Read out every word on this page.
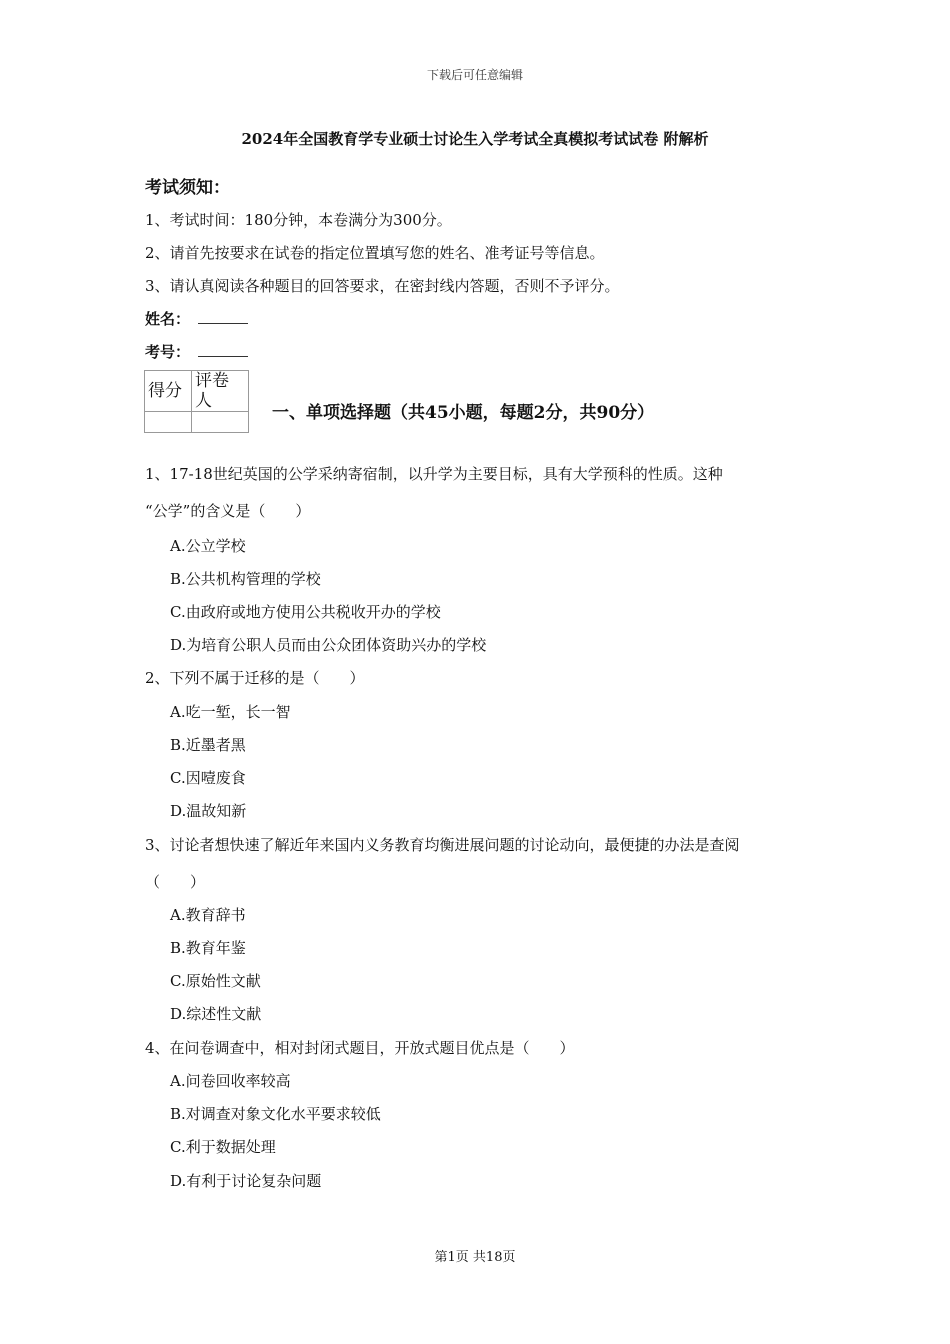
下载后可任意编辑
2024年全国教育学专业硕士讨论生入学考试全真模拟考试试卷 附解析
考试须知：
1、考试时间：180分钟，本卷满分为300分。
2、请首先按要求在试卷的指定位置填写您的姓名、准考证号等信息。
3、请认真阅读各种题目的回答要求，在密封线内答题，否则不予评分。
姓名：
考号：
得分	评卷人

一、单项选择题（共45小题，每题2分，共90分）
1、17-18世纪英国的公学采纳寄宿制，以升学为主要目标，具有大学预科的性质。这种
“公学”的含义是（　　）
A.公立学校
B.公共机构管理的学校
C.由政府或地方使用公共税收开办的学校
D.为培育公职人员而由公众团体资助兴办的学校
2、下列不属于迁移的是（　　）
A.吃一堑，长一智
B.近墨者黑
C.因噎废食
D.温故知新
3、讨论者想快速了解近年来国内义务教育均衡进展问题的讨论动向，最便捷的办法是查阅
（　　）
A.教育辞书
B.教育年鉴
C.原始性文献
D.综述性文献
4、在问卷调查中，相对封闭式题目，开放式题目优点是（　　）
A.问卷回收率较高
B.对调查对象文化水平要求较低
C.利于数据处理
D.有利于讨论复杂问题
第1页 共18页
